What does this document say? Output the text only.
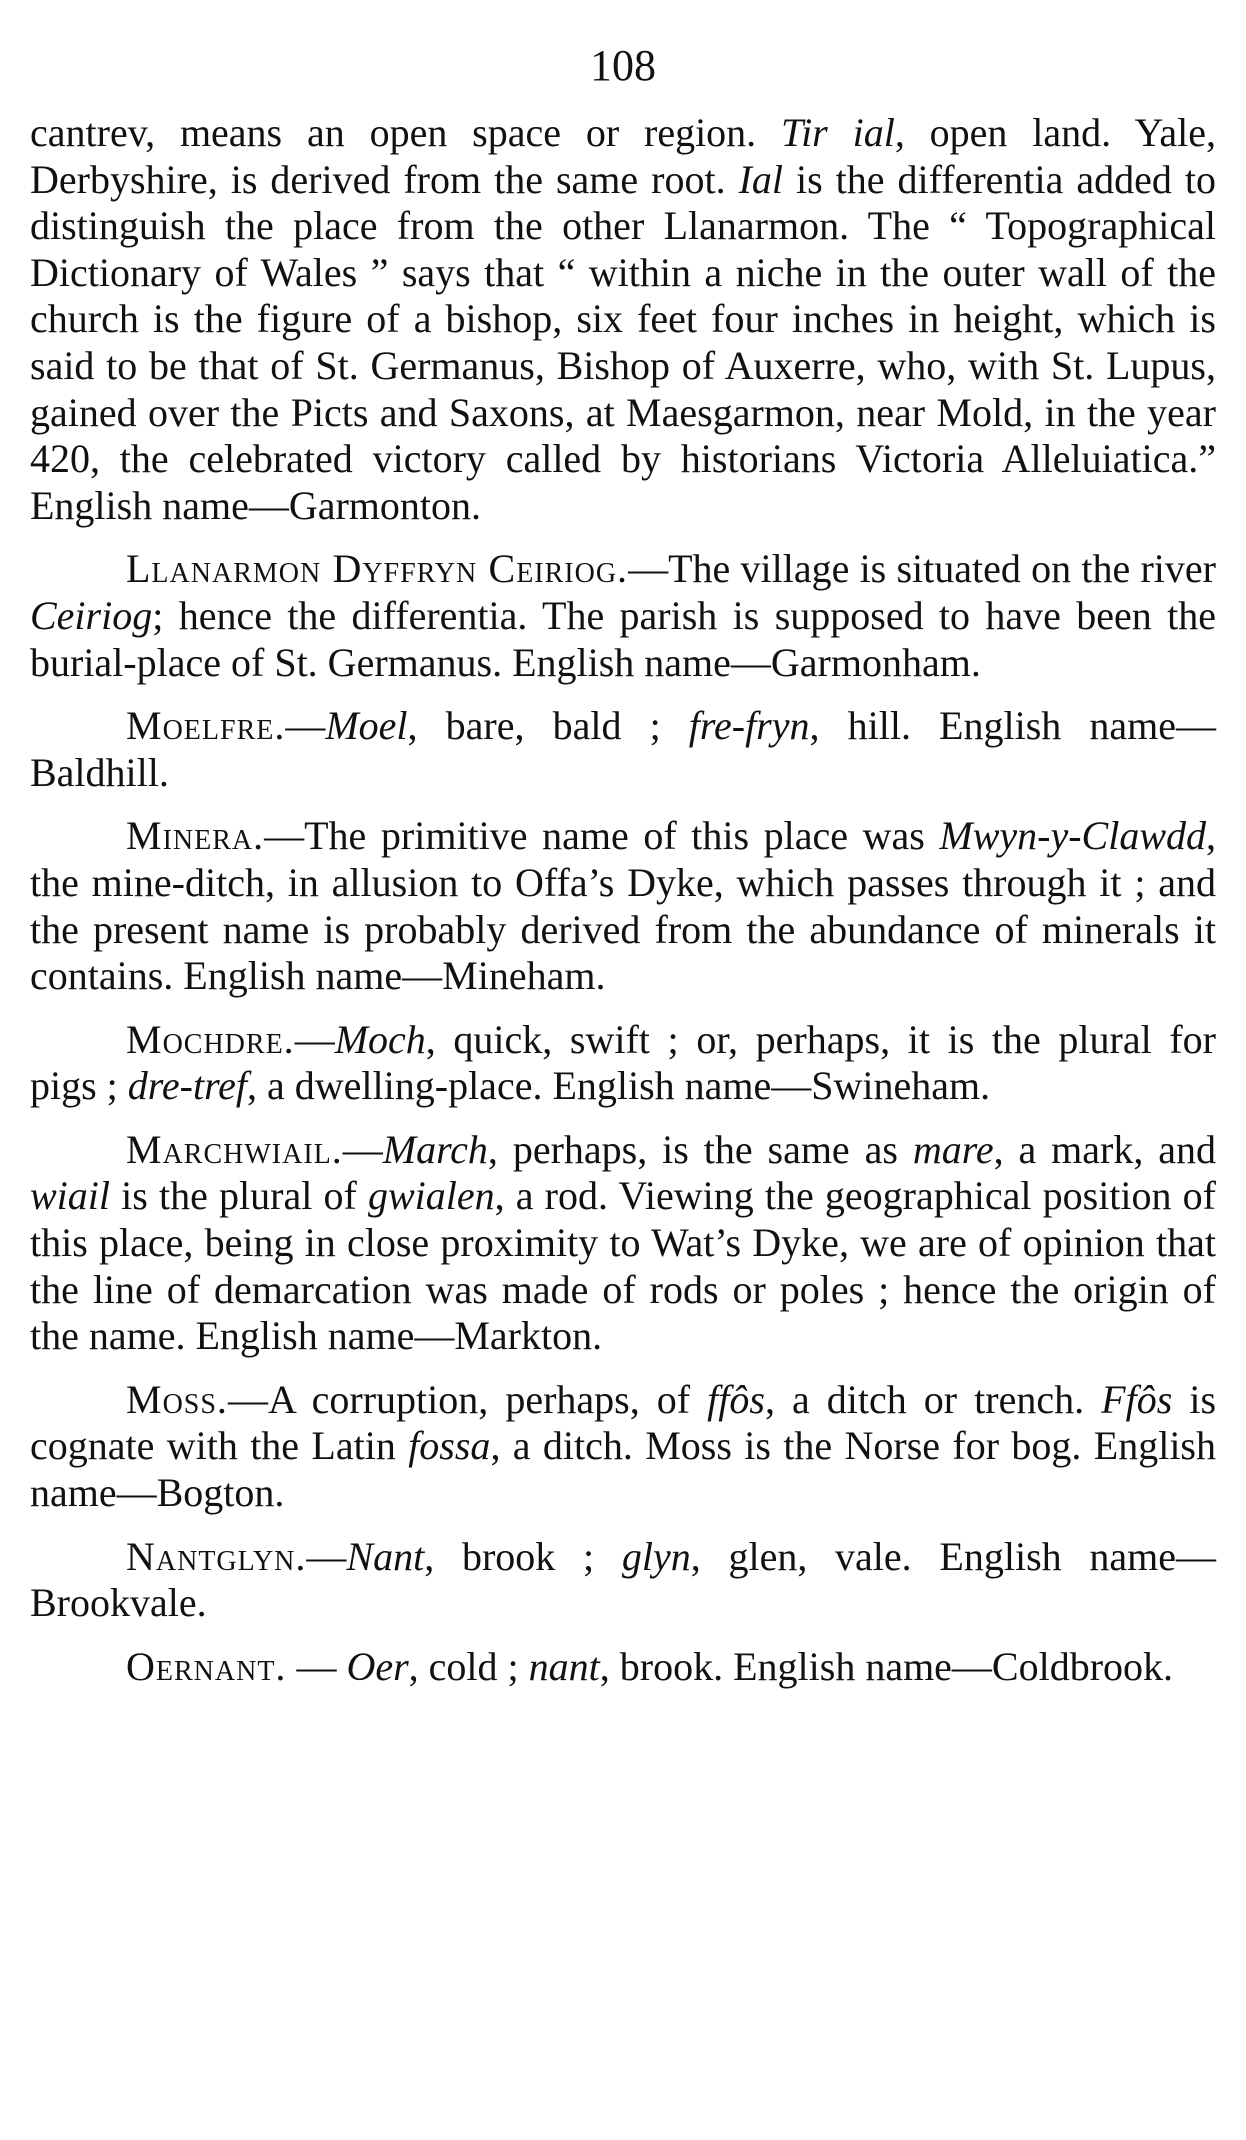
108

cantrev, means an open space or region. Tir ial, open land. Yale, Derbyshire, is derived from the same root. Ial is the differentia added to distinguish the place from the other Llanarmon. The “ Topographical Dictionary of Wales ” says that “ within a niche in the outer wall of the church is the figure of a bishop, six feet four inches in height, which is said to be that of St. Germanus, Bishop of Auxerre, who, with St. Lupus, gained over the Picts and Saxons, at Maesgarmon, near Mold, in the year 420, the celebrated victory called by historians Victoria Alleluiatica.” English name—Garmonton.

Llanarmon Dyffryn Ceiriog.—The village is situated on the river Ceiriog; hence the differentia. The parish is supposed to have been the burial-place of St. Germanus. English name—Garmonham.

Moelfre.—Moel, bare, bald ; fre-fryn, hill. English name—Baldhill.

Minera.—The primitive name of this place was Mwyn-y-Clawdd, the mine-ditch, in allusion to Offa’s Dyke, which passes through it ; and the present name is probably derived from the abundance of minerals it contains. English name—Mineham.

Mochdre.—Moch, quick, swift ; or, perhaps, it is the plural for pigs ; dre-tref, a dwelling-place. English name—Swineham.

Marchwiail.—March, perhaps, is the same as mare, a mark, and wiail is the plural of gwialen, a rod. Viewing the geographical position of this place, being in close proximity to Wat’s Dyke, we are of opinion that the line of demarcation was made of rods or poles ; hence the origin of the name. English name—Markton.

Moss.—A corruption, perhaps, of ffôs, a ditch or trench. Ffôs is cognate with the Latin fossa, a ditch. Moss is the Norse for bog. English name—Bogton.

Nantglyn.—Nant, brook ; glyn, glen, vale. English name—Brookvale.

Oernant. — Oer, cold ; nant, brook. English name—Coldbrook.
